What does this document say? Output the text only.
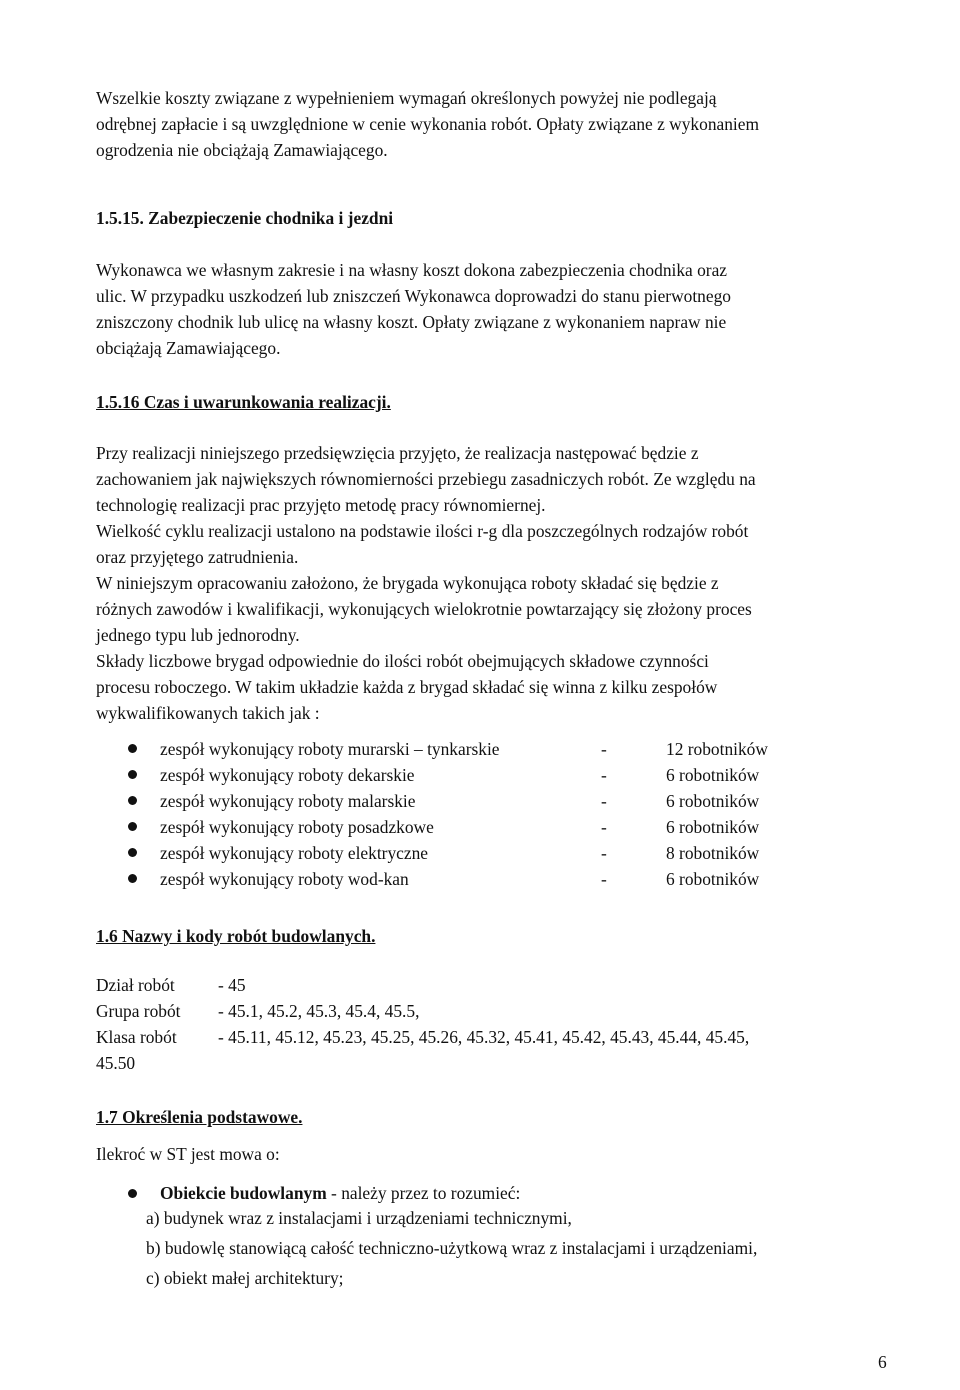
Wszelkie koszty związane z wypełnieniem wymagań określonych powyżej nie podlegają
odrębnej zapłacie i są uwzględnione w cenie wykonania robót. Opłaty związane z wykonaniem
ogrodzenia nie obciążają Zamawiającego.
1.5.15. Zabezpieczenie chodnika i jezdni
Wykonawca we własnym zakresie i na własny koszt dokona zabezpieczenia chodnika oraz
ulic. W przypadku uszkodzeń lub zniszczeń Wykonawca doprowadzi do stanu pierwotnego
zniszczony chodnik lub ulicę na własny koszt. Opłaty związane z wykonaniem napraw nie
obciążają Zamawiającego.
1.5.16 Czas i uwarunkowania realizacji.
Przy realizacji niniejszego przedsięwzięcia przyjęto, że realizacja następować będzie z
zachowaniem jak największych równomierności przebiegu zasadniczych robót. Ze względu na
technologię realizacji prac przyjęto metodę pracy równomiernej.
Wielkość cyklu realizacji ustalono na podstawie ilości r-g dla poszczególnych rodzajów robót
oraz przyjętego zatrudnienia.
W niniejszym opracowaniu założono, że brygada wykonująca roboty składać się będzie z
różnych zawodów i kwalifikacji, wykonujących wielokrotnie powtarzający się złożony proces
jednego typu lub jednorodny.
Składy liczbowe brygad odpowiednie do ilości robót obejmujących składowe czynności
procesu roboczego. W takim układzie każda z brygad składać się winna z kilku zespołów
wykwalifikowanych takich jak :
zespół wykonujący roboty murarski – tynkarskie	-	12 robotników
zespół wykonujący roboty dekarskie	-	6 robotników
zespół wykonujący roboty malarskie	-	6 robotników
zespół wykonujący roboty posadzkowe	-	6 robotników
zespół wykonujący roboty elektryczne	-	8 robotników
zespół wykonujący roboty wod-kan	-	6 robotników
1.6 Nazwy i kody robót budowlanych.
Dział robót - 45
Grupa robót - 45.1, 45.2, 45.3, 45.4, 45.5,
Klasa robót - 45.11, 45.12, 45.23, 45.25, 45.26, 45.32, 45.41, 45.42, 45.43, 45.44, 45.45,
45.50
1.7 Określenia podstawowe.
Ilekroć w ST jest mowa o:
Obiekcie budowlanym - należy przez to rozumieć:
a) budynek wraz z instalacjami i urządzeniami technicznymi,
b) budowlę stanowiącą całość techniczno-użytkową wraz z instalacjami i urządzeniami,
c) obiekt małej architektury;
6
